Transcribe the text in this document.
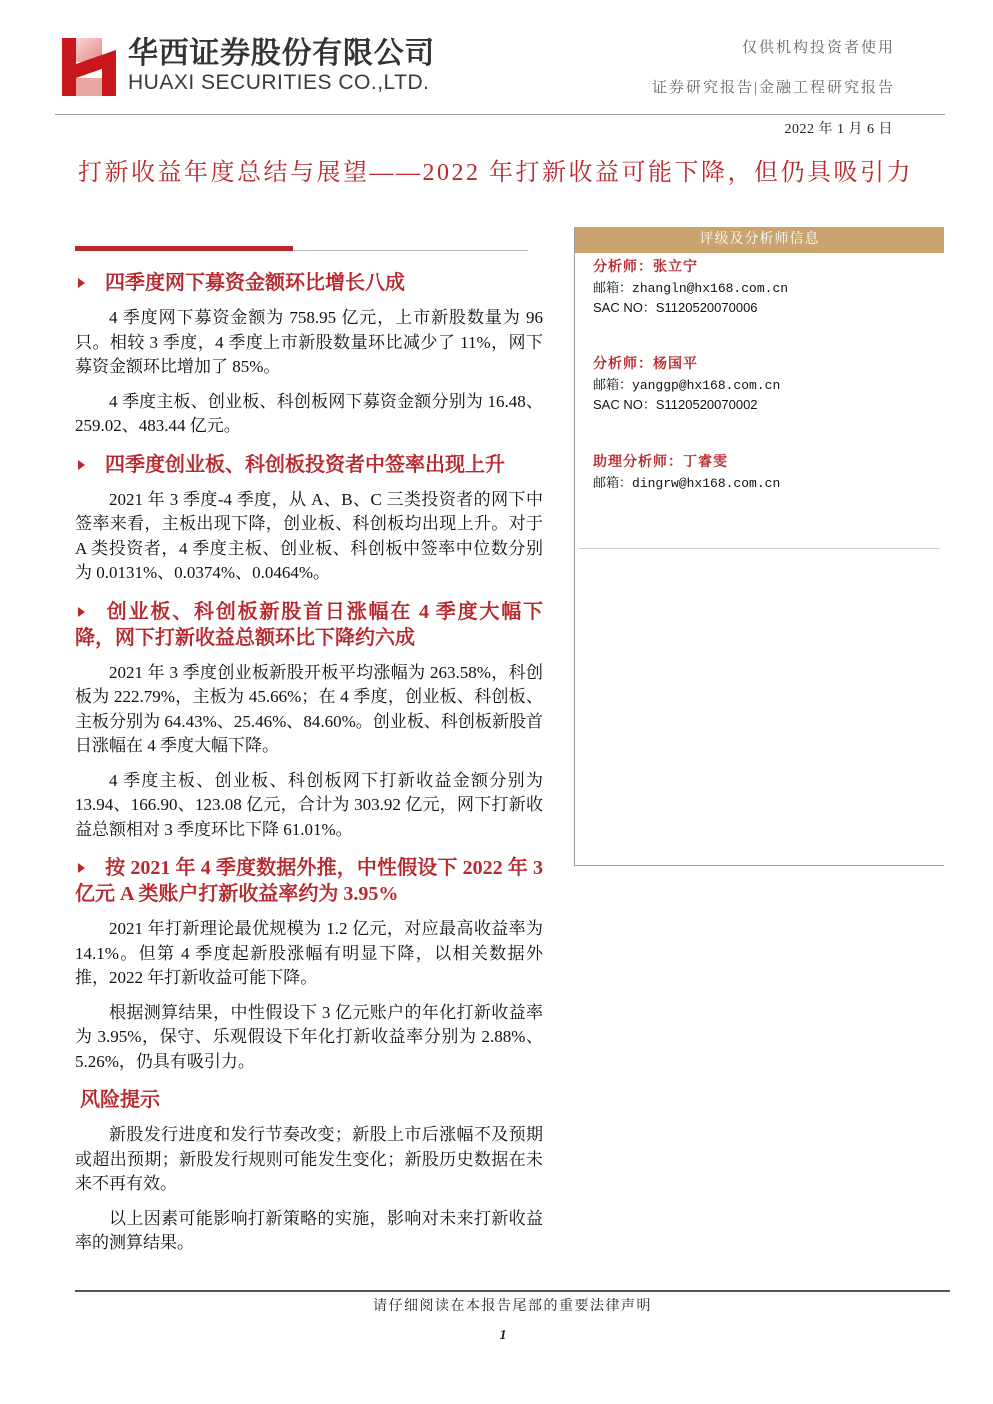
华西证券股份有限公司
HUAXI SECURITIES CO.,LTD.
仅供机构投资者使用
证券研究报告|金融工程研究报告
2022 年 1 月 6 日
打新收益年度总结与展望——2022 年打新收益可能下降，但仍具吸引力
四季度网下募资金额环比增长八成

4 季度网下募资金额为 758.95 亿元，上市新股数量为 96 只。相较 3 季度，4 季度上市新股数量环比减少了 11%，网下募资金额环比增加了 85%。

4 季度主板、创业板、科创板网下募资金额分别为 16.48、259.02、483.44 亿元。

四季度创业板、科创板投资者中签率出现上升

2021 年 3 季度-4 季度，从 A、B、C 三类投资者的网下中签率来看，主板出现下降，创业板、科创板均出现上升。对于 A 类投资者，4 季度主板、创业板、科创板中签率中位数分别为 0.0131%、0.0374%、0.0464%。

创业板、科创板新股首日涨幅在 4 季度大幅下降，网下打新收益总额环比下降约六成

2021 年 3 季度创业板新股开板平均涨幅为 263.58%，科创板为 222.79%，主板为 45.66%；在 4 季度，创业板、科创板、主板分别为 64.43%、25.46%、84.60%。创业板、科创板新股首日涨幅在 4 季度大幅下降。

4 季度主板、创业板、科创板网下打新收益金额分别为 13.94、166.90、123.08 亿元，合计为 303.92 亿元，网下打新收益总额相对 3 季度环比下降 61.01%。

按 2021 年 4 季度数据外推，中性假设下 2022 年 3 亿元 A 类账户打新收益率约为 3.95%

2021 年打新理论最优规模为 1.2 亿元，对应最高收益率为 14.1%。但第 4 季度起新股涨幅有明显下降，以相关数据外推，2022 年打新收益可能下降。

根据测算结果，中性假设下 3 亿元账户的年化打新收益率为 3.95%，保守、乐观假设下年化打新收益率分别为 2.88%、5.26%，仍具有吸引力。

风险提示

新股发行进度和发行节奏改变；新股上市后涨幅不及预期或超出预期；新股发行规则可能发生变化；新股历史数据在未来不再有效。

以上因素可能影响打新策略的实施，影响对未来打新收益率的测算结果。

评级及分析师信息
分析师：张立宁
邮箱：zhangln@hx168.com.cn
SAC NO：S1120520070006
分析师：杨国平
邮箱：yanggp@hx168.com.cn
SAC NO：S1120520070002
助理分析师：丁睿雯
邮箱：dingrw@hx168.com.cn
请仔细阅读在本报告尾部的重要法律声明
1
